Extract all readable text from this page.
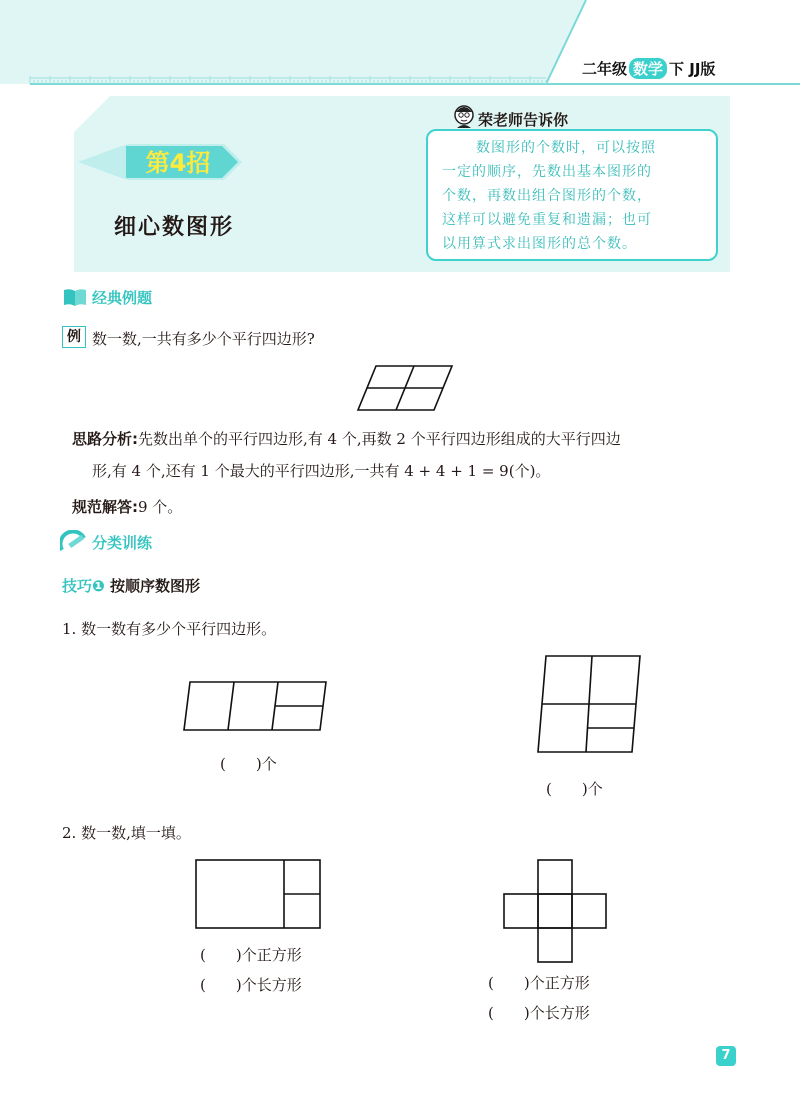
二年级 数学 下 JJ版
第4招
细心数图形
荣老师告诉你
数图形的个数时，可以按照
一定的顺序，先数出基本图形的
个数，再数出组合图形的个数，
这样可以避免重复和遗漏；也可
以用算式求出图形的总个数。
经典例题
例 数一数,一共有多少个平行四边形?
思路分析:先数出单个的平行四边形,有 4 个,再数 2 个平行四边形组成的大平行四边
形,有 4 个,还有 1 个最大的平行四边形,一共有 4 + 4 + 1 = 9(个)。
规范解答:9 个。
分类训练
技巧❶ 按顺序数图形
1. 数一数有多少个平行四边形。
(　　)个
(　　)个
2. 数一数,填一填。
(　　)个正方形
(　　)个长方形	(　　)个正方形
(　　)个长方形
7
